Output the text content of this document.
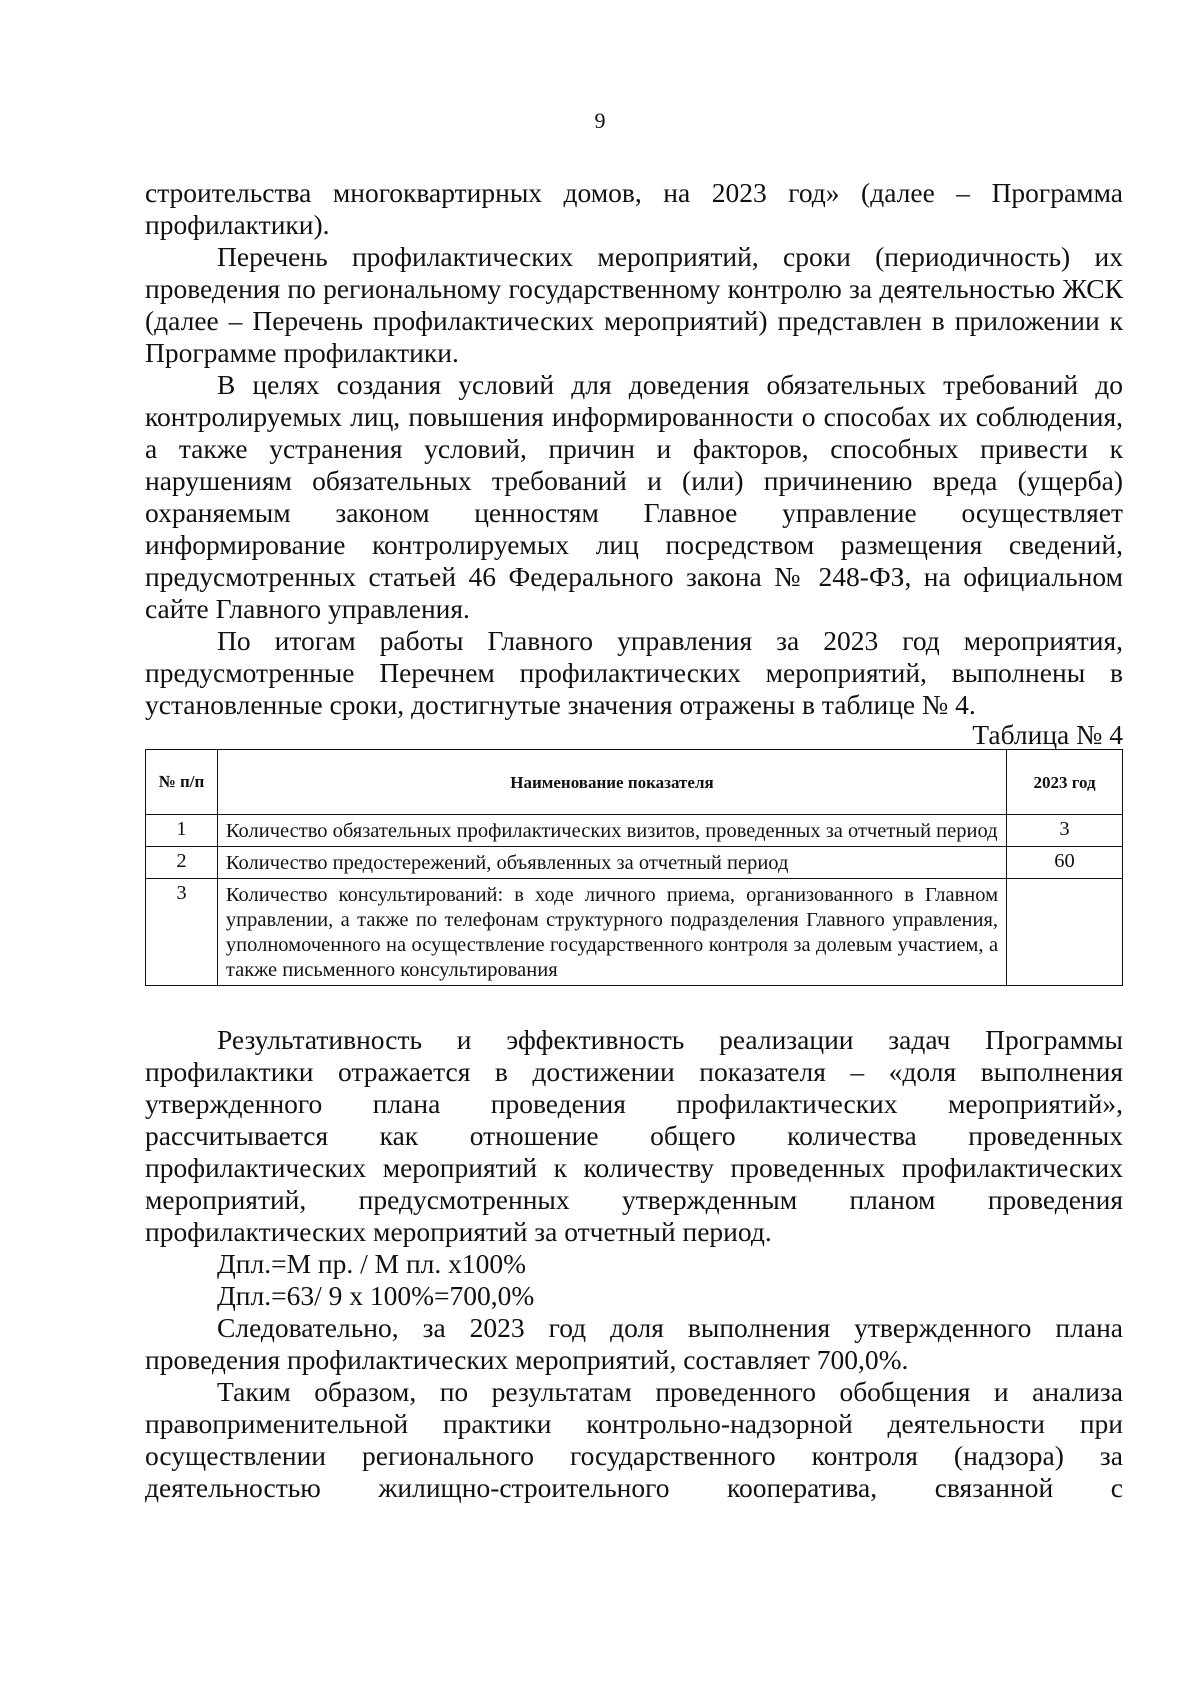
9

строительства многоквартирных домов, на 2023 год» (далее – Программа профилактики).

Перечень профилактических мероприятий, сроки (периодичность) их проведения по региональному государственному контролю за деятельностью ЖСК (далее – Перечень профилактических мероприятий) представлен в приложении к Программе профилактики.

В целях создания условий для доведения обязательных требований до контролируемых лиц, повышения информированности о способах их соблюдения, а также устранения условий, причин и факторов, способных привести к нарушениям обязательных требований и (или) причинению вреда (ущерба) охраняемым законом ценностям Главное управление осуществляет информирование контролируемых лиц посредством размещения сведений, предусмотренных статьей 46 Федерального закона № 248-ФЗ, на официальном сайте Главного управления.

По итогам работы Главного управления за 2023 год мероприятия, предусмотренные Перечнем профилактических мероприятий, выполнены в установленные сроки, достигнутые значения отражены в таблице № 4.

Таблица № 4

№ п/п	Наименование показателя	2023 год
1	Количество обязательных профилактических визитов, проведенных за отчетный период	3
2	Количество предостережений, объявленных за отчетный период	60
3	Количество консультирований: в ходе личного приема, организованного в Главном управлении, а также по телефонам структурного подразделения Главного управления, уполномоченного на осуществление государственного контроля за долевым участием, а также письменного консультирования	

Результативность и эффективность реализации задач Программы профилактики отражается в достижении показателя – «доля выполнения утвержденного плана проведения профилактических мероприятий», рассчитывается как отношение общего количества проведенных профилактических мероприятий к количеству проведенных профилактических мероприятий, предусмотренных утвержденным планом проведения профилактических мероприятий за отчетный период.

Дпл.=М пр. / М пл. х100%

Дпл.=63/ 9 х 100%=700,0%

Следовательно, за 2023 год доля выполнения утвержденного плана проведения профилактических мероприятий, составляет 700,0%.

Таким образом, по результатам проведенного обобщения и анализа правоприменительной практики контрольно-надзорной деятельности при осуществлении регионального государственного контроля (надзора) за деятельностью жилищно-строительного кооператива, связанной с
